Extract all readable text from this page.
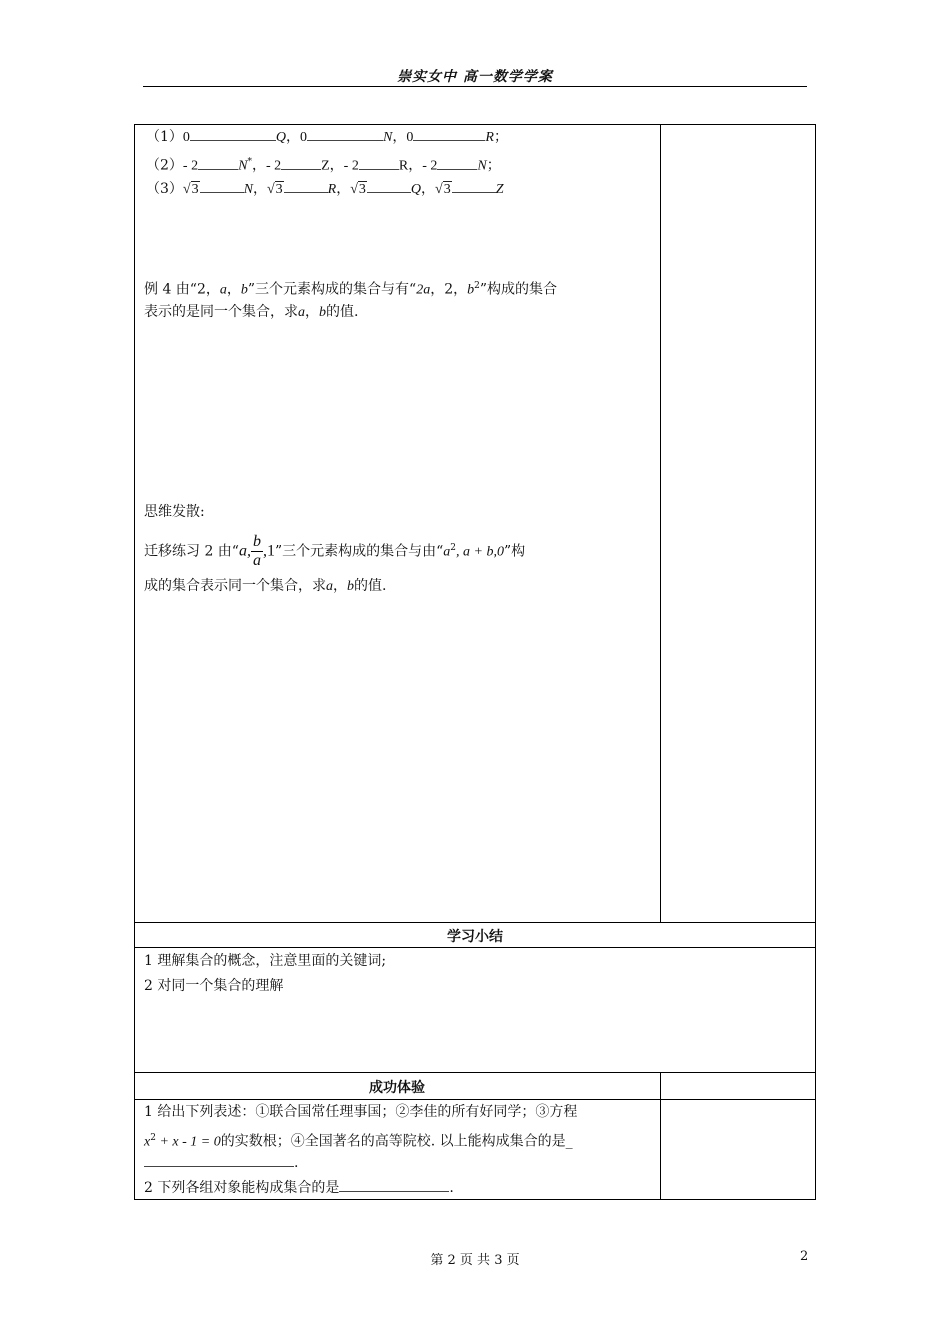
崇实女中 高一数学学案
（1）0	Q，0	N，0	R；
（2）- 2	N*，- 2	Z，- 2	R，- 2	N；
（3）√3	N，√3	R，√3	Q，√3	Z
例 4 由“2，a，b”三个元素构成的集合与有“2a，2，$b^2$”构成的集合
表示的是同一个集合，求a，b的值.
思维发散:
迁移练习 2 由“a, $\frac{b}{a} ,1$”三个元素构成的集合与由“$a^2$, a + b,0”构
成的集合表示同一个集合，求a，b的值.
学习小结
1 理解集合的概念，注意里面的关键词;
2 对同一个集合的理解
成功体验
1 给出下列表述：①联合国常任理事国；②李佳的所有好同学；③方程
$x^2 + x - 1 = 0$的实数根；④全国著名的高等院校. 以上能构成集合的是_
.
2 下列各组对象能构成集合的是	.
第 2 页 共 3 页	2
